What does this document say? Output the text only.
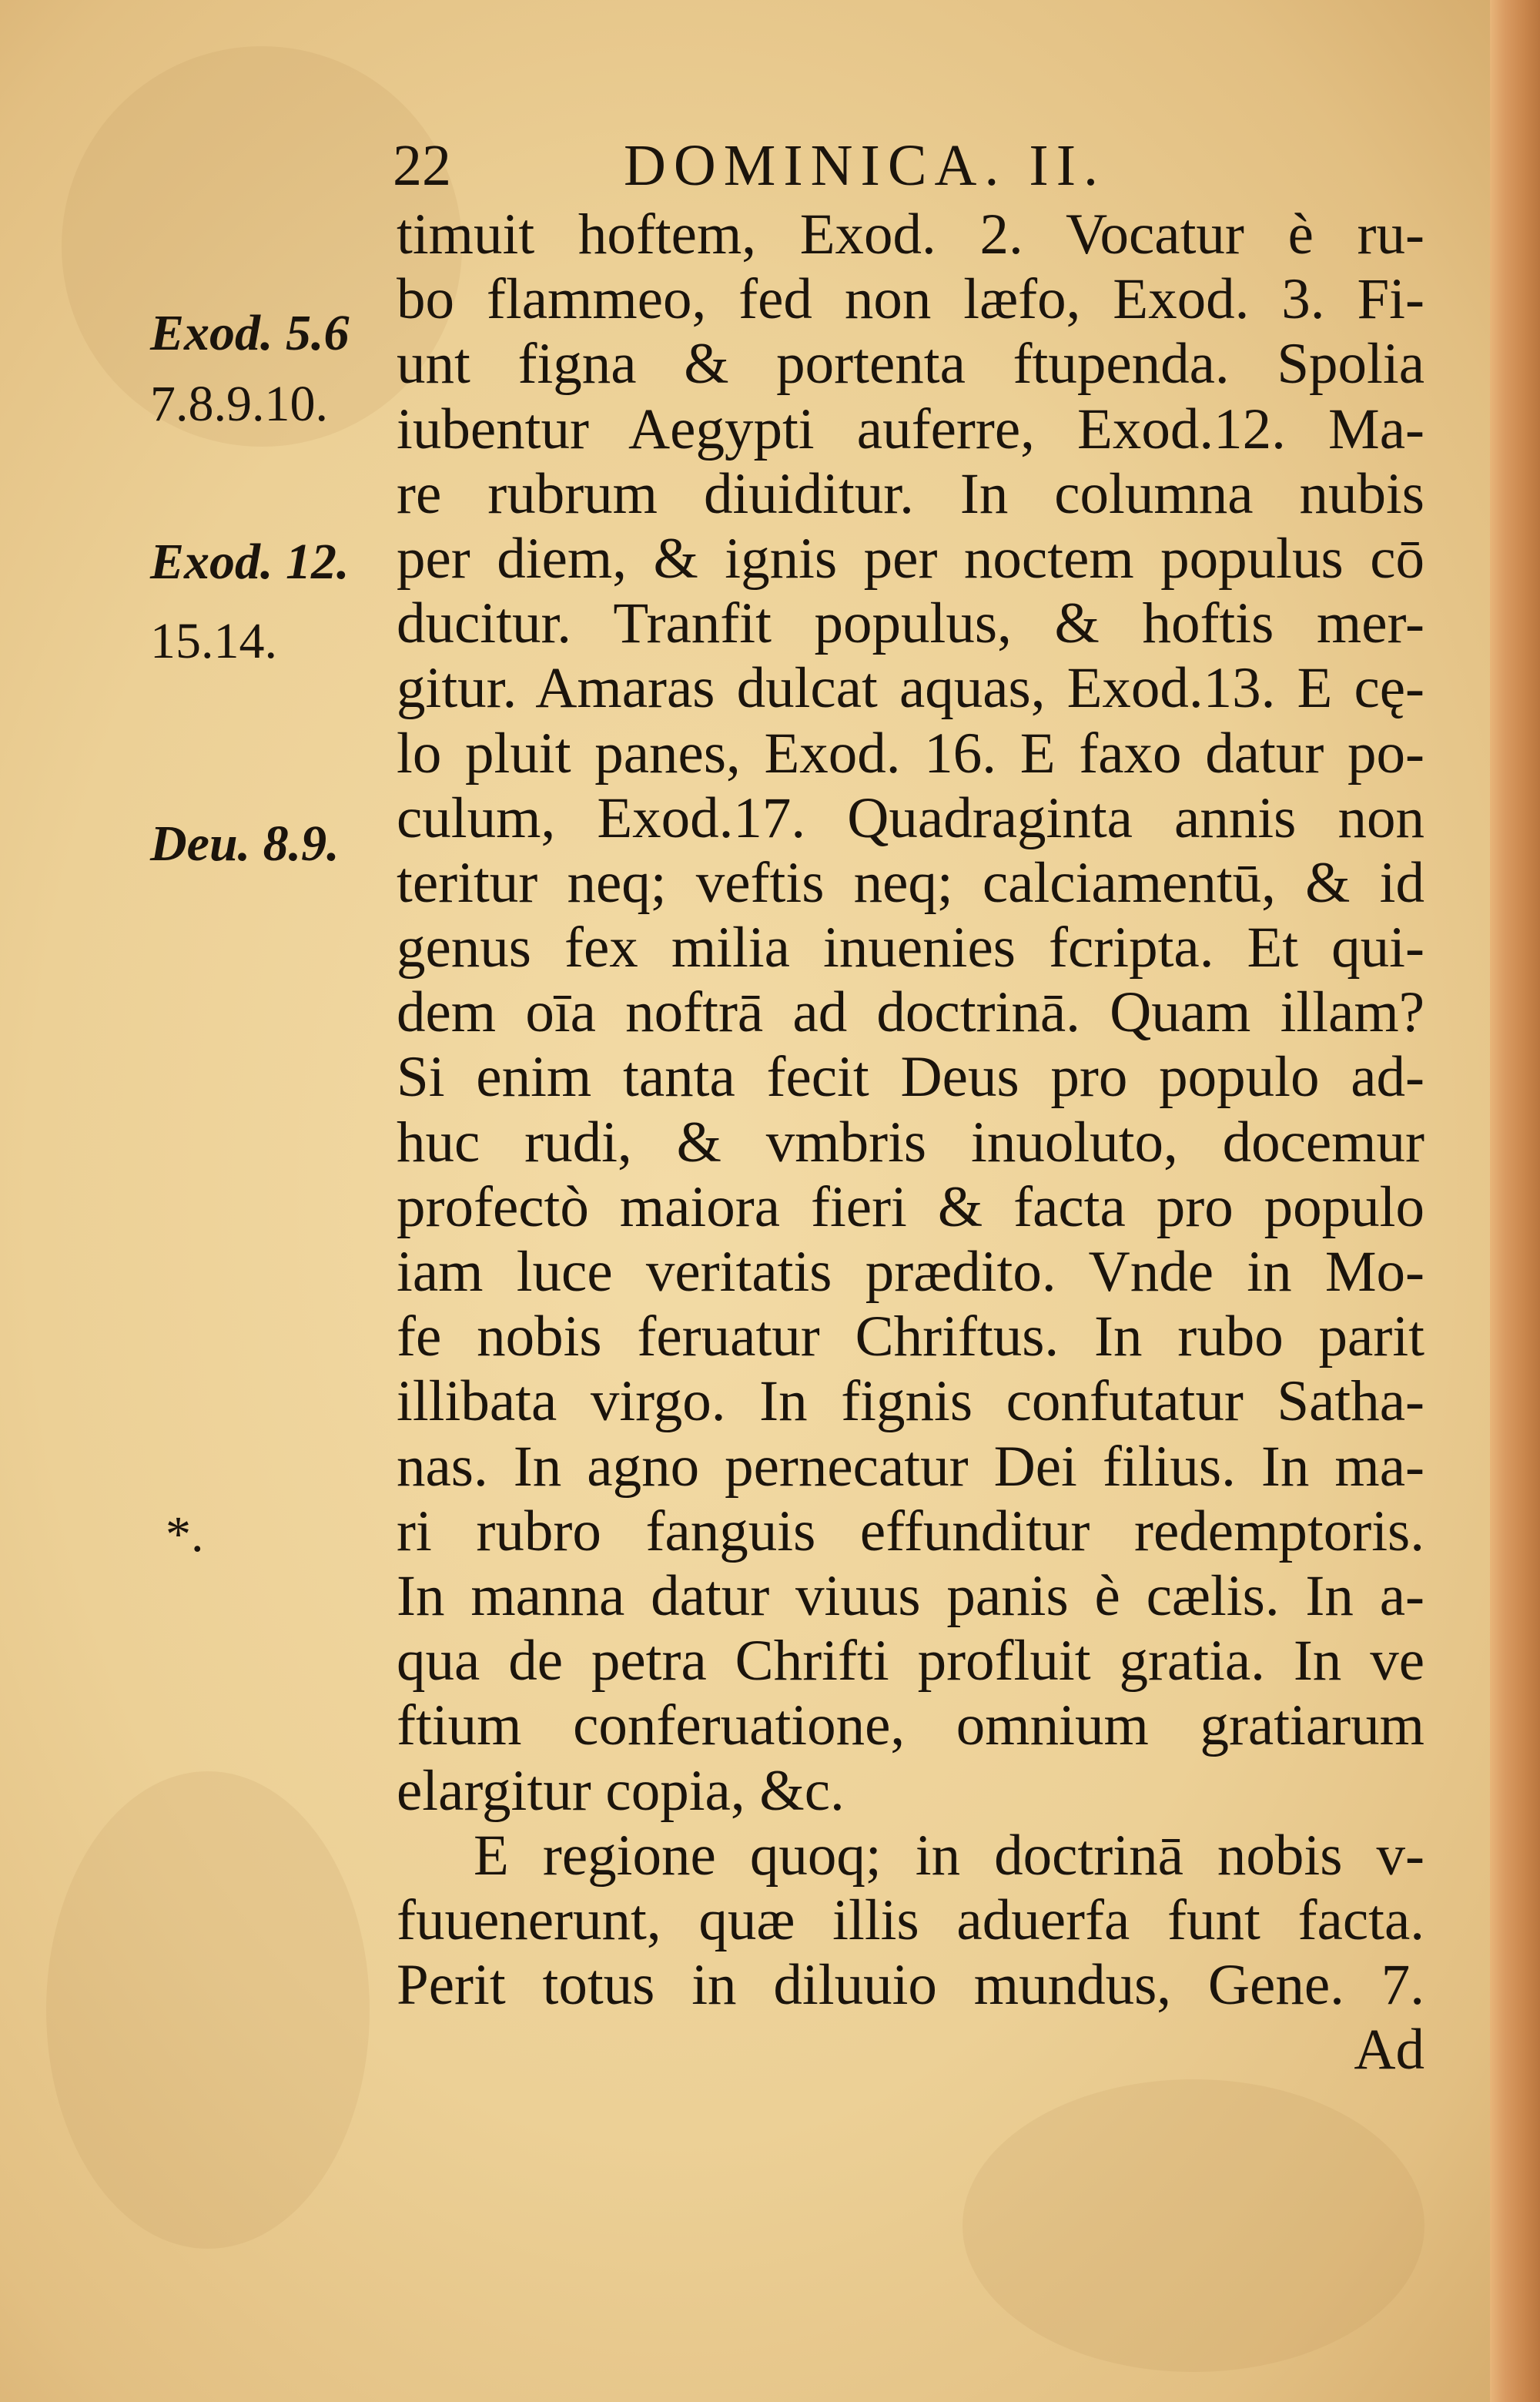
22	DOMINICA. II.
Exod. 5.6
7.8.9.10.
Exod. 12.
15.14.
Deu. 8.9.
*.
timuit hoftem, Exod. 2. Vocatur è ru-
bo flammeo, fed non læfo, Exod. 3. Fi-
unt figna & portenta ftupenda. Spolia
iubentur Aegypti auferre, Exod.12. Ma-
re rubrum diuiditur. In columna nubis
per diem, & ignis per noctem populus cō
ducitur. Tranfit populus, & hoftis mer-
gitur. Amaras dulcat aquas, Exod.13. E cę-
lo pluit panes, Exod. 16. E faxo datur po-
culum, Exod.17. Quadraginta annis non
teritur neq; veftis neq; calciamentū, & id
genus fex milia inuenies fcripta. Et qui-
dem oīa noftrā ad doctrinā. Quam illam?
Si enim tanta fecit Deus pro populo ad-
huc rudi, & vmbris inuoluto, docemur
profectò maiora fieri & facta pro populo
iam luce veritatis prædito. Vnde in Mo-
fe nobis feruatur Chriftus. In rubo parit
illibata virgo. In fignis confutatur Satha-
nas. In agno pernecatur Dei filius. In ma-
ri rubro fanguis effunditur redemptoris.
In manna datur viuus panis è cælis. In a-
qua de petra Chrifti profluit gratia. In ve
ftium conferuatione, omnium gratiarum
elargitur copia, &c.
E regione quoq; in doctrinā nobis v-
fuuenerunt, quæ illis aduerfa funt facta.
Perit totus in diluuio mundus, Gene. 7.
Ad
